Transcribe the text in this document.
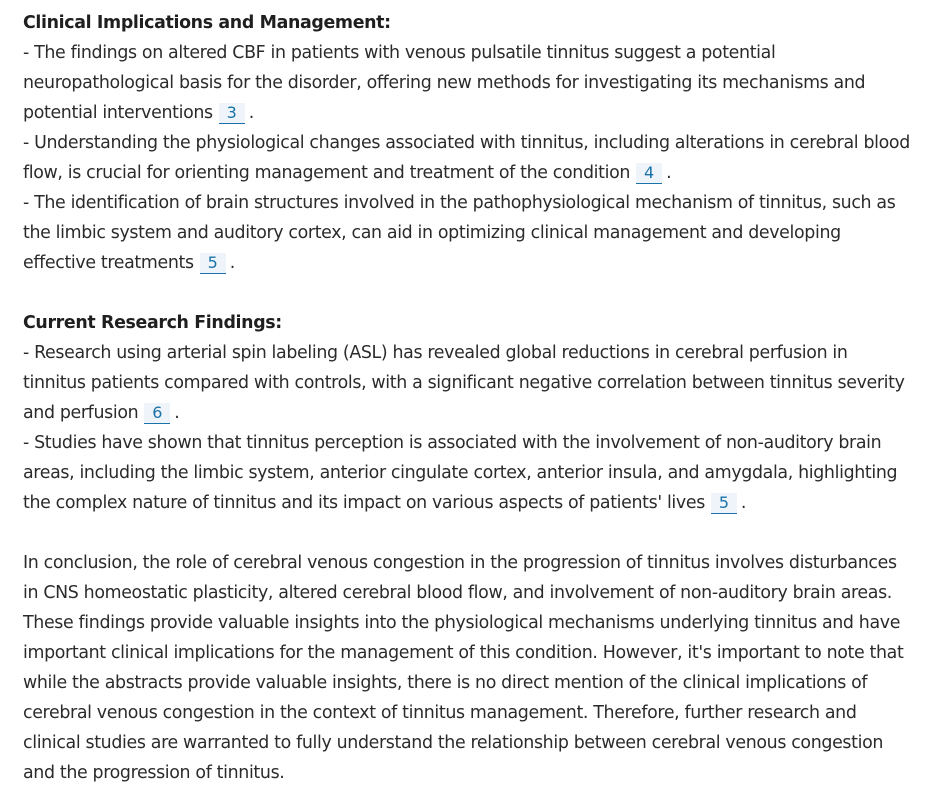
Clinical Implications and Management:
- The findings on altered CBF in patients with venous pulsatile tinnitus suggest a potential neuropathological basis for the disorder, offering new methods for investigating its mechanisms and potential interventions 3 .
- Understanding the physiological changes associated with tinnitus, including alterations in cerebral blood flow, is crucial for orienting management and treatment of the condition 4 .
- The identification of brain structures involved in the pathophysiological mechanism of tinnitus, such as the limbic system and auditory cortex, can aid in optimizing clinical management and developing effective treatments 5 .
Current Research Findings:
- Research using arterial spin labeling (ASL) has revealed global reductions in cerebral perfusion in tinnitus patients compared with controls, with a significant negative correlation between tinnitus severity and perfusion 6 .
- Studies have shown that tinnitus perception is associated with the involvement of non-auditory brain areas, including the limbic system, anterior cingulate cortex, anterior insula, and amygdala, highlighting the complex nature of tinnitus and its impact on various aspects of patients' lives 5 .

In conclusion, the role of cerebral venous congestion in the progression of tinnitus involves disturbances in CNS homeostatic plasticity, altered cerebral blood flow, and involvement of non-auditory brain areas. These findings provide valuable insights into the physiological mechanisms underlying tinnitus and have important clinical implications for the management of this condition. However, it's important to note that while the abstracts provide valuable insights, there is no direct mention of the clinical implications of cerebral venous congestion in the context of tinnitus management. Therefore, further research and clinical studies are warranted to fully understand the relationship between cerebral venous congestion and the progression of tinnitus.
